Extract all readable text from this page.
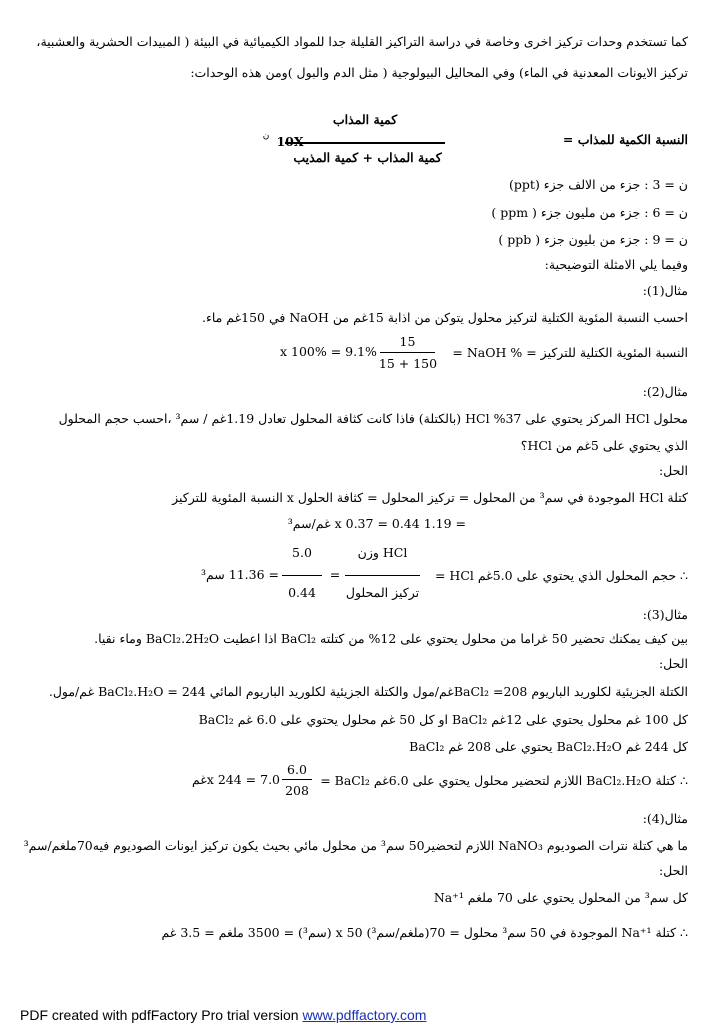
كما تستخدم وحدات تركيز اخرى وخاصة في دراسة التراكيز القليلة جدا للمواد الكيميائية في البيئة ( المبيدات الحشرية والعشبية،
تركيز الايونات المعدنية في الماء) وفي المحاليل البيولوجية ( مثل الدم والبول )ومن هذه الوحدات:
كمية المذاب
النسبة الكمية للمذاب =
10X
ن
كمية المذاب + كمية المذيب
ن = 3 : جزء من الالف جزء (ppt)
ن = 6 : جزء من مليون جزء ( ppm )
ن = 9 : جزء من بليون جزء ( ppb )
وفيما يلي الامثلة التوضيحية:
مثال(1):
احسب النسبة المئوية الكتلية لتركيز محلول يتوكن من اذابة 15غم من NaOH في 150غم ماء.
النسبة المئوية الكتلية للتركيز = % NaOH =
15
15 + 150
x 100% = 9.1%
مثال(2):
محلول HCl المركز يحتوي على 37% HCl (بالكتلة) فاذا كانت كثافة المحلول تعادل 1.19غم / سم³ ،احسب حجم المحلول
الذي يحتوي على 5غم من HCl؟
الحل:
كتلة HCl الموجودة في سم³ من المحلول = تركيز المحلول = كثافة الحلول x النسبة المئوية للتركيز
= 1.19 x 0.37 = 0.44 غم/سم³
∴ حجم المحلول الذي يحتوي على 5.0غم HCl =
وزن HCl
تركيز المحلول
=
5.0
0.44
= 11.36 سم³
مثال(3):
بين كيف يمكنك تحضير 50 غراما من محلول يحتوي على 12% من كتلته BaCl₂ اذا اعطيت BaCl₂.2H₂O وماء نقيا.
الحل:
الكتلة الجزيئية لكلوريد الباريوم BaCl₂ =208غم/مول والكتلة الجزيئية لكلوريد الباريوم المائي BaCl₂.H₂O = 244 غم/مول.
كل 100 غم محلول يحتوي على 12غم BaCl₂ او كل 50 غم محلول يحتوي على 6.0 غم BaCl₂
كل 244 غم BaCl₂.H₂O يحتوي على 208 غم BaCl₂
∴ كتلة BaCl₂.H₂O اللازم لتحضير محلول يحتوي على 6.0غم BaCl₂ =
6.0
208
x 244 = 7.0غم
مثال(4):
ما هي كتلة نترات الصوديوم NaNO₃ اللازم لتحضير50 سم³ من محلول مائي بحيث يكون تركيز ايونات الصوديوم فيه70ملغم/سم³
الحل:
كل سم³ من المحلول يحتوي على 70 ملغم Na⁺¹
∴ كتلة Na⁺¹ الموجودة في 50 سم³ محلول = 70(ملغم/سم³) x 50 (سم³) = 3500 ملغم = 3.5 غم
PDF created with pdfFactory Pro trial version www.pdffactory.com
